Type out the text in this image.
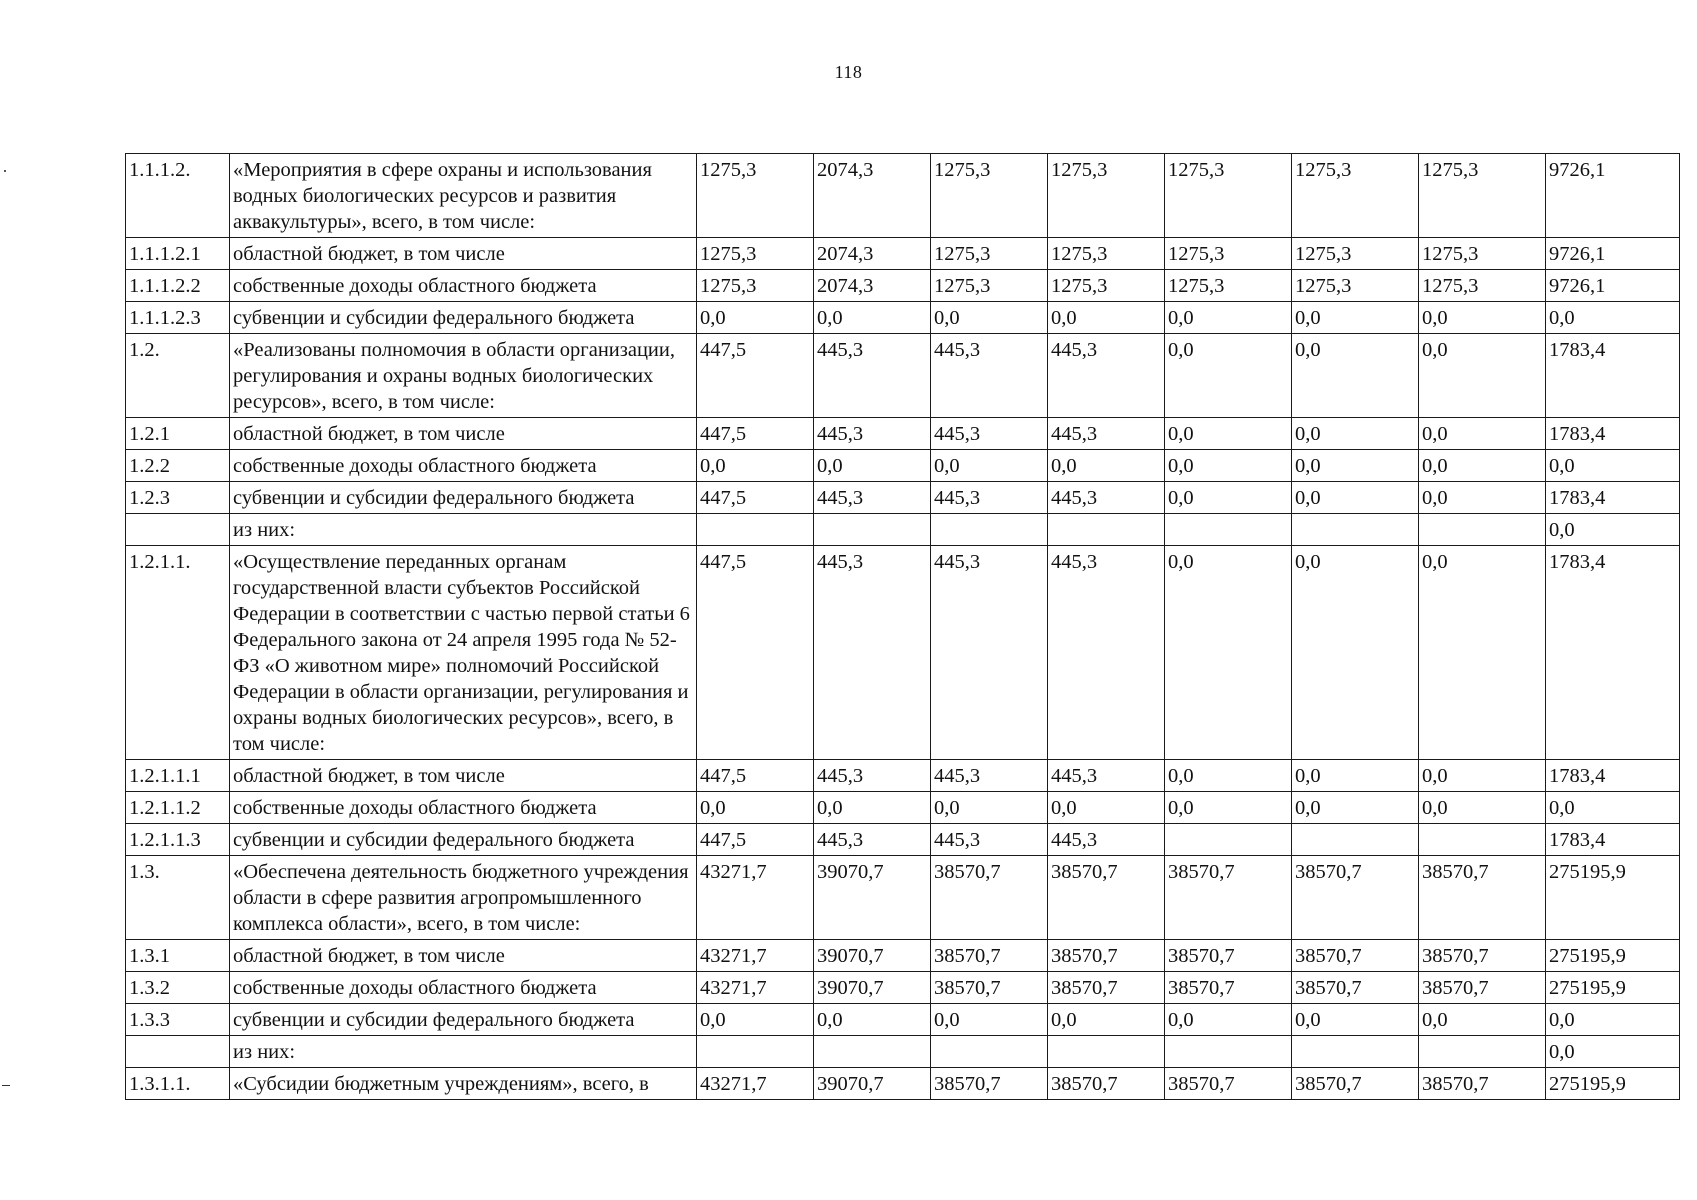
118
1.1.1.2.	«Мероприятия в сфере охраны и использования водных биологических ресурсов и развития аквакультуры», всего, в том числе:	1275,3	2074,3	1275,3	1275,3	1275,3	1275,3	1275,3	9726,1
1.1.1.2.1	областной бюджет, в том числе	1275,3	2074,3	1275,3	1275,3	1275,3	1275,3	1275,3	9726,1
1.1.1.2.2	собственные доходы областного бюджета	1275,3	2074,3	1275,3	1275,3	1275,3	1275,3	1275,3	9726,1
1.1.1.2.3	субвенции и субсидии федерального бюджета	0,0	0,0	0,0	0,0	0,0	0,0	0,0	0,0
1.2.	«Реализованы полномочия в области организации, регулирования и охраны водных биологических ресурсов», всего, в том числе:	447,5	445,3	445,3	445,3	0,0	0,0	0,0	1783,4
1.2.1	областной бюджет, в том числе	447,5	445,3	445,3	445,3	0,0	0,0	0,0	1783,4
1.2.2	собственные доходы областного бюджета	0,0	0,0	0,0	0,0	0,0	0,0	0,0	0,0
1.2.3	субвенции и субсидии федерального бюджета	447,5	445,3	445,3	445,3	0,0	0,0	0,0	1783,4
	из них:								0,0
1.2.1.1.	«Осуществление переданных органам государственной власти субъектов Российской Федерации в соответствии с частью первой статьи 6 Федерального закона от 24 апреля 1995 года № 52-ФЗ «О животном мире» полномочий Российской Федерации в области организации, регулирования и охраны водных биологических ресурсов», всего, в том числе:	447,5	445,3	445,3	445,3	0,0	0,0	0,0	1783,4
1.2.1.1.1	областной бюджет, в том числе	447,5	445,3	445,3	445,3	0,0	0,0	0,0	1783,4
1.2.1.1.2	собственные доходы областного бюджета	0,0	0,0	0,0	0,0	0,0	0,0	0,0	0,0
1.2.1.1.3	субвенции и субсидии федерального бюджета	447,5	445,3	445,3	445,3				1783,4
1.3.	«Обеспечена деятельность бюджетного учреждения области в сфере развития агропромышленного комплекса области», всего, в том числе:	43271,7	39070,7	38570,7	38570,7	38570,7	38570,7	38570,7	275195,9
1.3.1	областной бюджет, в том числе	43271,7	39070,7	38570,7	38570,7	38570,7	38570,7	38570,7	275195,9
1.3.2	собственные доходы областного бюджета	43271,7	39070,7	38570,7	38570,7	38570,7	38570,7	38570,7	275195,9
1.3.3	субвенции и субсидии федерального бюджета	0,0	0,0	0,0	0,0	0,0	0,0	0,0	0,0
	из них:								0,0
1.3.1.1.	«Субсидии бюджетным учреждениям», всего, в	43271,7	39070,7	38570,7	38570,7	38570,7	38570,7	38570,7	275195,9
